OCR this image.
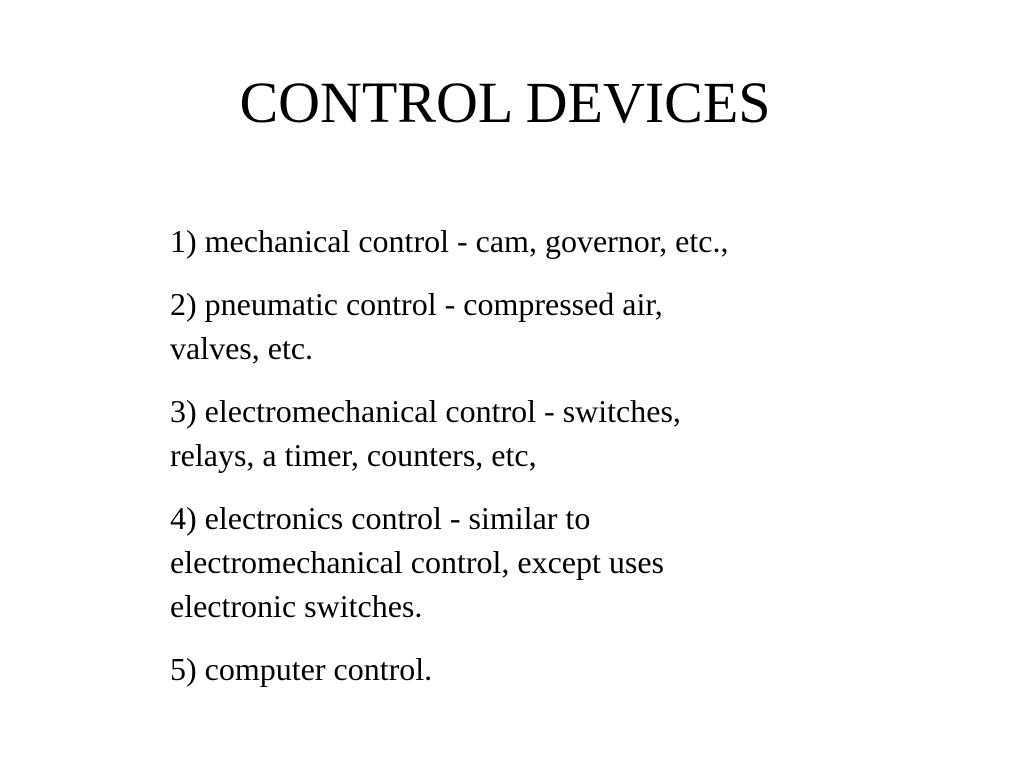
CONTROL DEVICES
1) mechanical control - cam, governor, etc.,
2) pneumatic control - compressed air,
valves, etc.
3) electromechanical control - switches,
relays, a timer, counters, etc,
4) electronics control - similar to
electromechanical control, except uses
electronic switches.
5) computer control.
